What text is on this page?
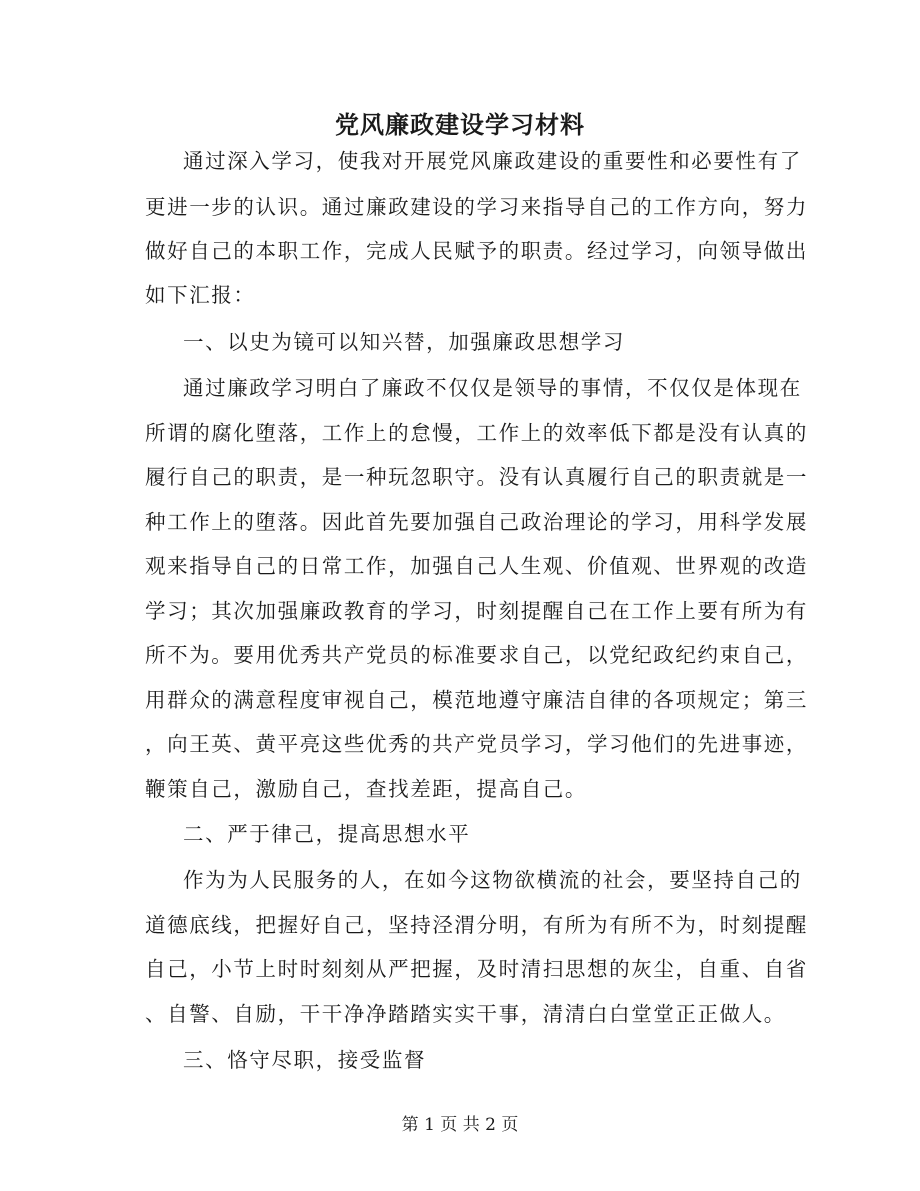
党风廉政建设学习材料
通过深入学习，使我对开展党风廉政建设的重要性和必要性有了
更进一步的认识。通过廉政建设的学习来指导自己的工作方向，努力
做好自己的本职工作，完成人民赋予的职责。经过学习，向领导做出
如下汇报：
一、以史为镜可以知兴替，加强廉政思想学习
通过廉政学习明白了廉政不仅仅是领导的事情，不仅仅是体现在
所谓的腐化堕落，工作上的怠慢，工作上的效率低下都是没有认真的
履行自己的职责，是一种玩忽职守。没有认真履行自己的职责就是一
种工作上的堕落。因此首先要加强自己政治理论的学习，用科学发展
观来指导自己的日常工作，加强自己人生观、价值观、世界观的改造
学习；其次加强廉政教育的学习，时刻提醒自己在工作上要有所为有
所不为。要用优秀共产党员的标准要求自己，以党纪政纪约束自己，
用群众的满意程度审视自己，模范地遵守廉洁自律的各项规定；第三
，向王英、黄平亮这些优秀的共产党员学习，学习他们的先进事迹，
鞭策自己，激励自己，查找差距，提高自己。
二、严于律己，提高思想水平
作为为人民服务的人，在如今这物欲横流的社会，要坚持自己的
道德底线，把握好自己，坚持泾渭分明，有所为有所不为，时刻提醒
自己，小节上时时刻刻从严把握，及时清扫思想的灰尘，自重、自省
、自警、自励，干干净净踏踏实实干事，清清白白堂堂正正做人。
三、恪守尽职，接受监督
第 1 页 共 2 页
